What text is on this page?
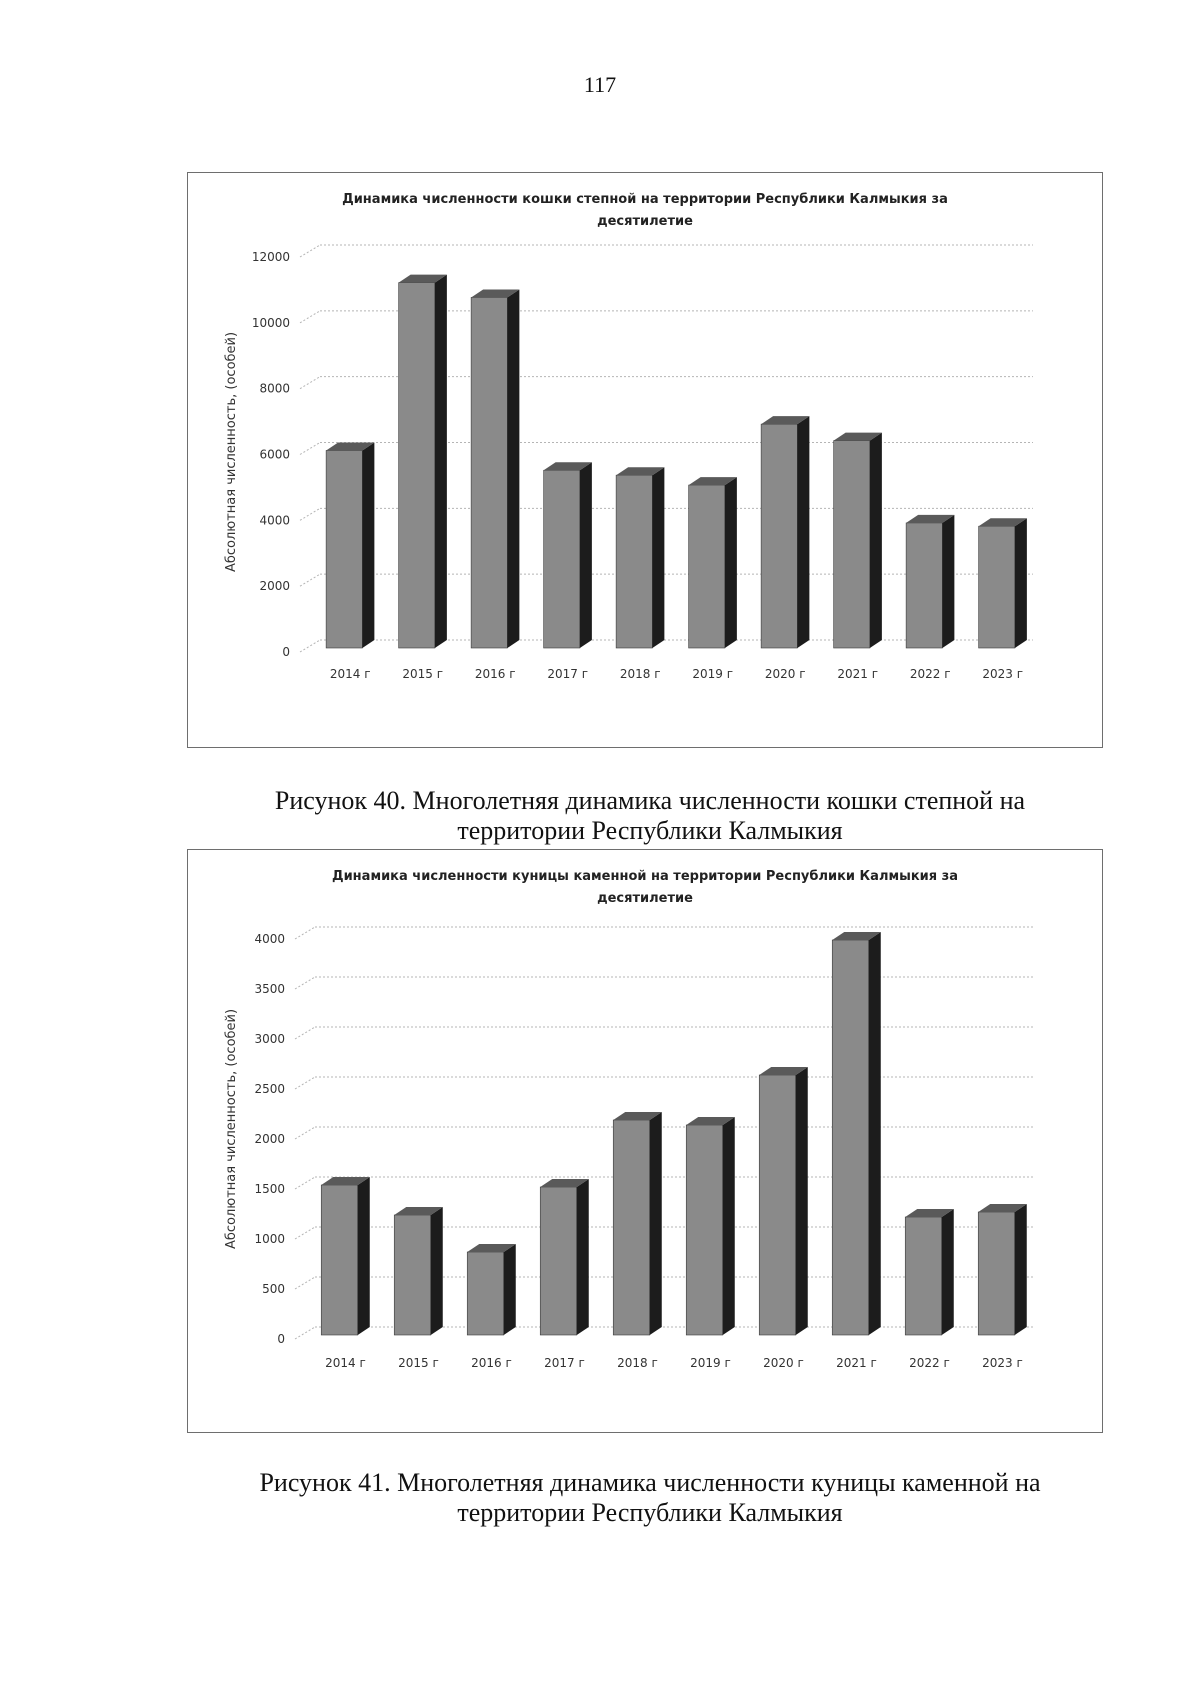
117
Динамика численности кошки степной на территории Республики Калмыкия за
десятилетие
Абсолютная численность, (особей)
0
2000
4000
6000
8000
10000
12000
2014 г	2015 г	2016 г	2017 г	2018 г	2019 г	2020 г	2021 г	2022 г	2023 г
Рисунок 40. Многолетняя динамика численности кошки степной на
территории Республики Калмыкия
Динамика численности куницы каменной на территории Республики Калмыкия за
десятилетие
Абсолютная численность, (особей)
0
500
1000
1500
2000
2500
3000
3500
4000
2014 г	2015 г	2016 г	2017 г	2018 г	2019 г	2020 г	2021 г	2022 г	2023 г
Рисунок 41. Многолетняя динамика численности куницы каменной на
территории Республики Калмыкия
